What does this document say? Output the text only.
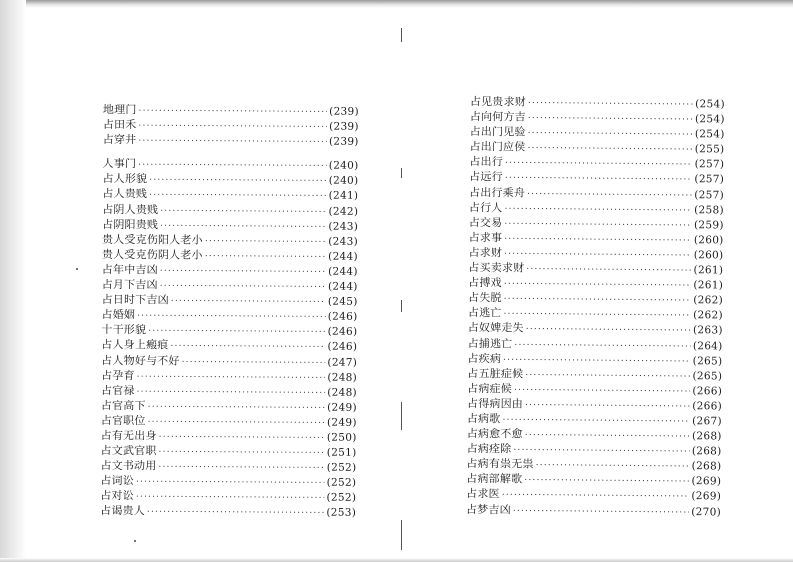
地理门 ·····	(239)
占田禾 ·····	(239)
占穿井 ·····	(239)
人事门 ·····	(240)
占人形貌 ·····	(240)
占人贵贱 ·····	(241)
占阴人贵贱 ·····	(242)
占阴阳贵贱 ·····	(243)
贵人受克伤阳人老小 ·····	(243)
贵人受克伤阴人老小 ·····	(244)
占年中吉凶 ·····	(244)
占月下吉凶 ·····	(244)
占日时下吉凶 ·····	(245)
占婚姻 ·····	(246)
十干形貌 ·····	(246)
占人身上瘢痕 ·····	(246)
占人物好与不好 ·····	(247)
占孕育 ·····	(248)
占官禄 ·····	(248)
占官高下 ·····	(249)
占官职位 ·····	(249)
占有无出身 ·····	(250)
占文武官职 ·····	(251)
占文书动用 ·····	(252)
占词讼 ·····	(252)
占对讼 ·····	(252)
占谒贵人 ·····	(253)
占见贵求财 ·····	(254)
占向何方吉 ·····	(254)
占出门见验 ·····	(254)
占出门应侯 ·····	(255)
占出行 ·····	(257)
占远行 ·····	(257)
占出行乘舟 ·····	(257)
占行人 ·····	(258)
占交易 ·····	(259)
占求事 ·····	(260)
占求财 ·····	(260)
占买卖求财 ·····	(261)
占搏戏 ·····	(261)
占失脱 ·····	(262)
占逃亡 ·····	(262)
占奴婢走失 ·····	(263)
占捕逃亡 ·····	(264)
占疾病 ·····	(265)
占五脏症候 ·····	(265)
占病症候 ·····	(266)
占得病因由 ·····	(266)
占病歌 ·····	(267)
占病愈不愈 ·····	(268)
占病痊除 ·····	(268)
占病有祟无祟 ·····	(268)
占病部解歌 ·····	(269)
占求医 ·····	(269)
占梦吉凶 ·····	(270)
